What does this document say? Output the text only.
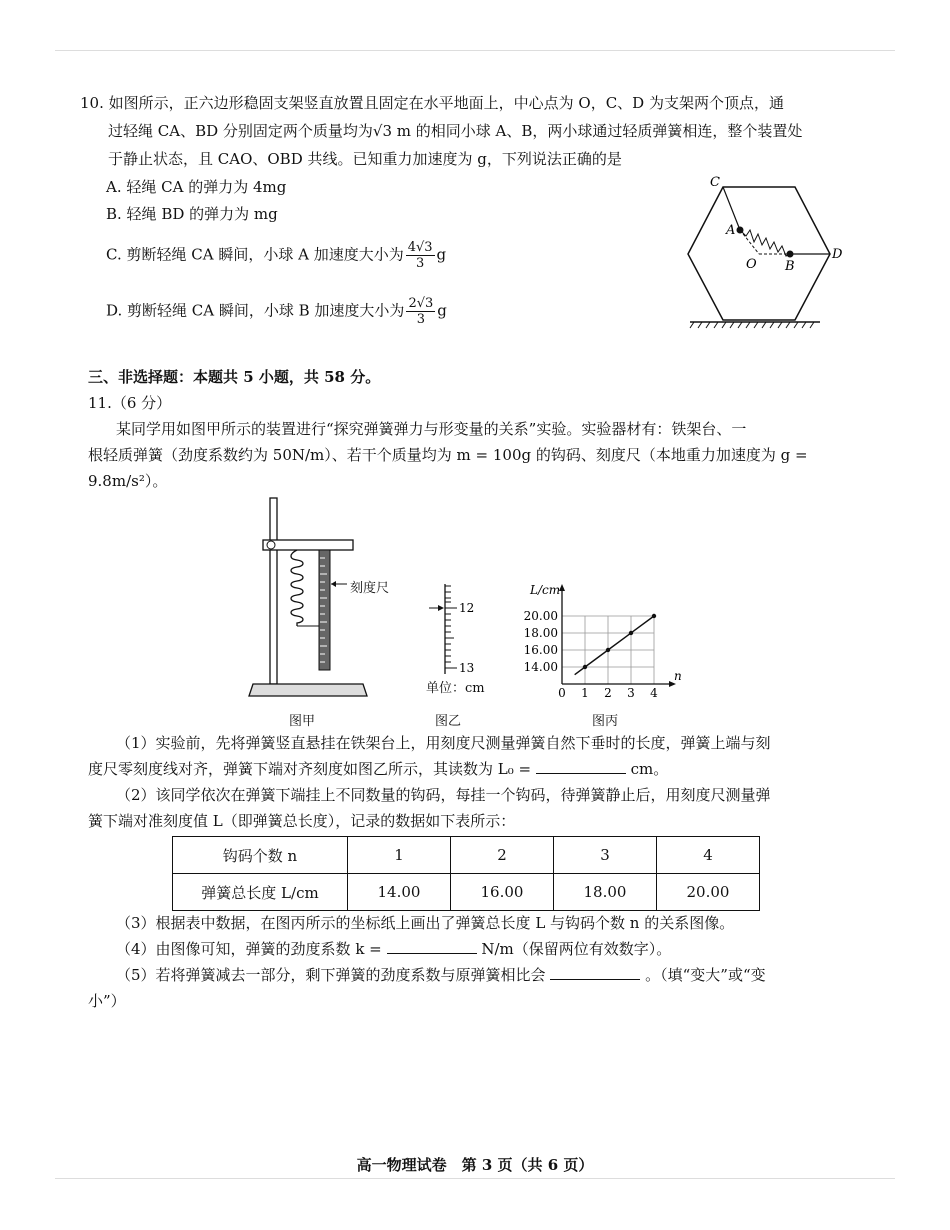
10. 如图所示，正六边形稳固支架竖直放置且固定在水平地面上，中心点为 O，C、D 为支架两个顶点，通
过轻绳 CA、BD 分别固定两个质量均为√3 m 的相同小球 A、B，两小球通过轻质弹簧相连，整个装置处
于静止状态，且 CAO、OBD 共线。已知重力加速度为 g，下列说法正确的是
A. 轻绳 CA 的弹力为 4mg
B. 轻绳 BD 的弹力为 mg
C. 剪断轻绳 CA 瞬间，小球 A 加速度大小为 $\frac{4√3}{3}$ g
D. 剪断轻绳 CA 瞬间，小球 B 加速度大小为 $\frac{2√3}{3}$ g
C
A
O B
D
三、非选择题：本题共 5 小题，共 58 分。
11.（6 分）
某同学用如图甲所示的装置进行“探究弹簧弹力与形变量的关系”实验。实验器材有：铁架台、一
根轻质弹簧（劲度系数约为 50N/m）、若干个质量均为 m = 100g 的钩码、刻度尺（本地重力加速度为 g =
9.8m/s²）。
刻度尺
图甲
12
13
单位：cm
图乙
20.00
18.00
16.00
14.00
0 1 2 3 4
L/cm
n
图丙
（1）实验前，先将弹簧竖直悬挂在铁架台上，用刻度尺测量弹簧自然下垂时的长度，弹簧上端与刻
度尺零刻度线对齐，弹簧下端对齐刻度如图乙所示，其读数为 L₀ =	cm。
（2）该同学依次在弹簧下端挂上不同数量的钩码，每挂一个钩码，待弹簧静止后，用刻度尺测量弹
簧下端对准刻度值 L（即弹簧总长度），记录的数据如下表所示：
钩码个数 n	1	2	3	4
弹簧总长度 L/cm	14.00	16.00	18.00	20.00
（3）根据表中数据，在图丙所示的坐标纸上画出了弹簧总长度 L 与钩码个数 n 的关系图像。
（4）由图像可知，弹簧的劲度系数 k =	N/m（保留两位有效数字）。
（5）若将弹簧减去一部分，剩下弹簧的劲度系数与原弹簧相比会	。（填“变大”或“变
小”）
高一物理试卷　第 3 页（共 6 页）
